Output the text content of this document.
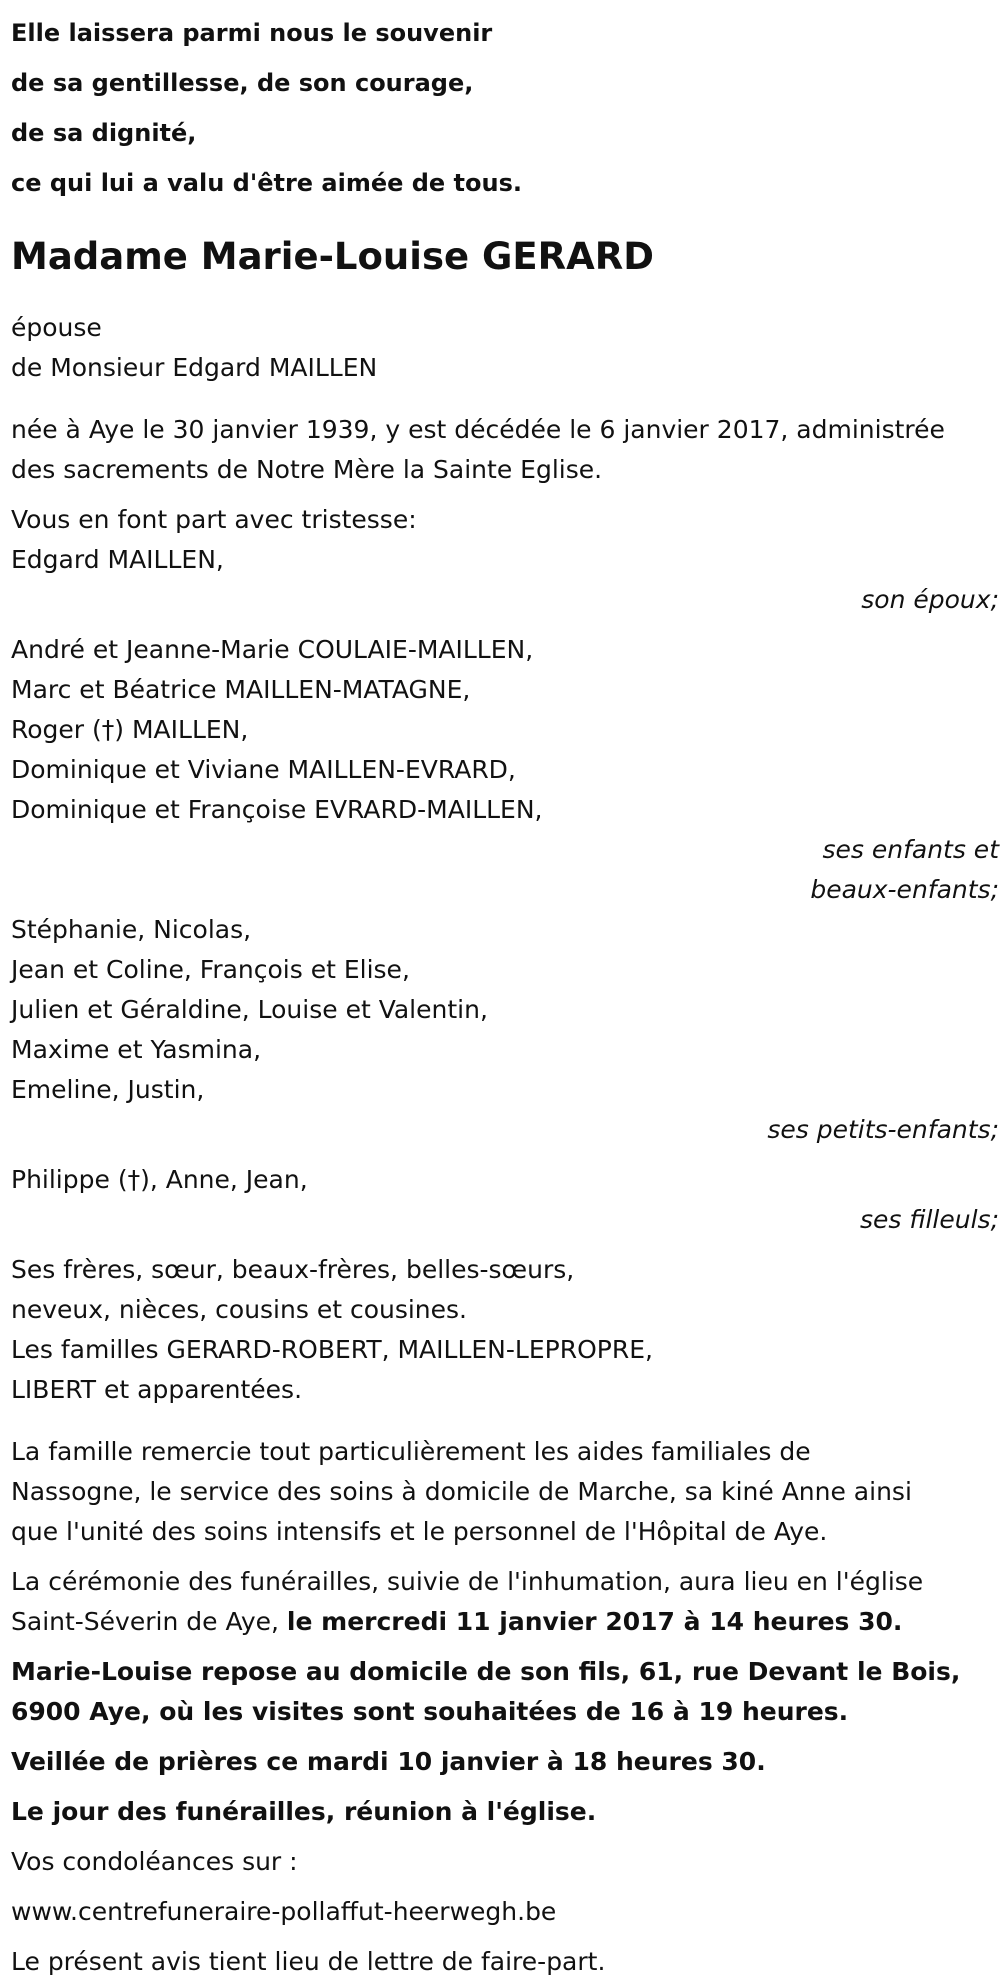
Elle laissera parmi nous le souvenir
de sa gentillesse, de son courage,
de sa dignité,
ce qui lui a valu d'être aimée de tous.
Madame Marie-Louise GERARD
épouse
de Monsieur Edgard MAILLEN
née à Aye le 30 janvier 1939, y est décédée le 6 janvier 2017, administrée
des sacrements de Notre Mère la Sainte Eglise.
Vous en font part avec tristesse:
Edgard MAILLEN,
son époux;
André et Jeanne-Marie COULAIE-MAILLEN,
Marc et Béatrice MAILLEN-MATAGNE,
Roger (†) MAILLEN,
Dominique et Viviane MAILLEN-EVRARD,
Dominique et Françoise EVRARD-MAILLEN,
ses enfants et
beaux-enfants;
Stéphanie, Nicolas,
Jean et Coline, François et Elise,
Julien et Géraldine, Louise et Valentin,
Maxime et Yasmina,
Emeline, Justin,
ses petits-enfants;
Philippe (†), Anne, Jean,
ses filleuls;
Ses frères, sœur, beaux-frères, belles-sœurs,
neveux, nièces, cousins et cousines.
Les familles GERARD-ROBERT, MAILLEN-LEPROPRE,
LIBERT et apparentées.
La famille remercie tout particulièrement les aides familiales de
Nassogne, le service des soins à domicile de Marche, sa kiné Anne ainsi
que l'unité des soins intensifs et le personnel de l'Hôpital de Aye.
La cérémonie des funérailles, suivie de l'inhumation, aura lieu en l'église
Saint-Séverin de Aye, le mercredi 11 janvier 2017 à 14 heures 30.
Marie-Louise repose au domicile de son fils, 61, rue Devant le Bois,
6900 Aye, où les visites sont souhaitées de 16 à 19 heures.
Veillée de prières ce mardi 10 janvier à 18 heures 30.
Le jour des funérailles, réunion à l'église.
Vos condoléances sur :
www.centrefuneraire-pollaffut-heerwegh.be
Le présent avis tient lieu de lettre de faire-part.
